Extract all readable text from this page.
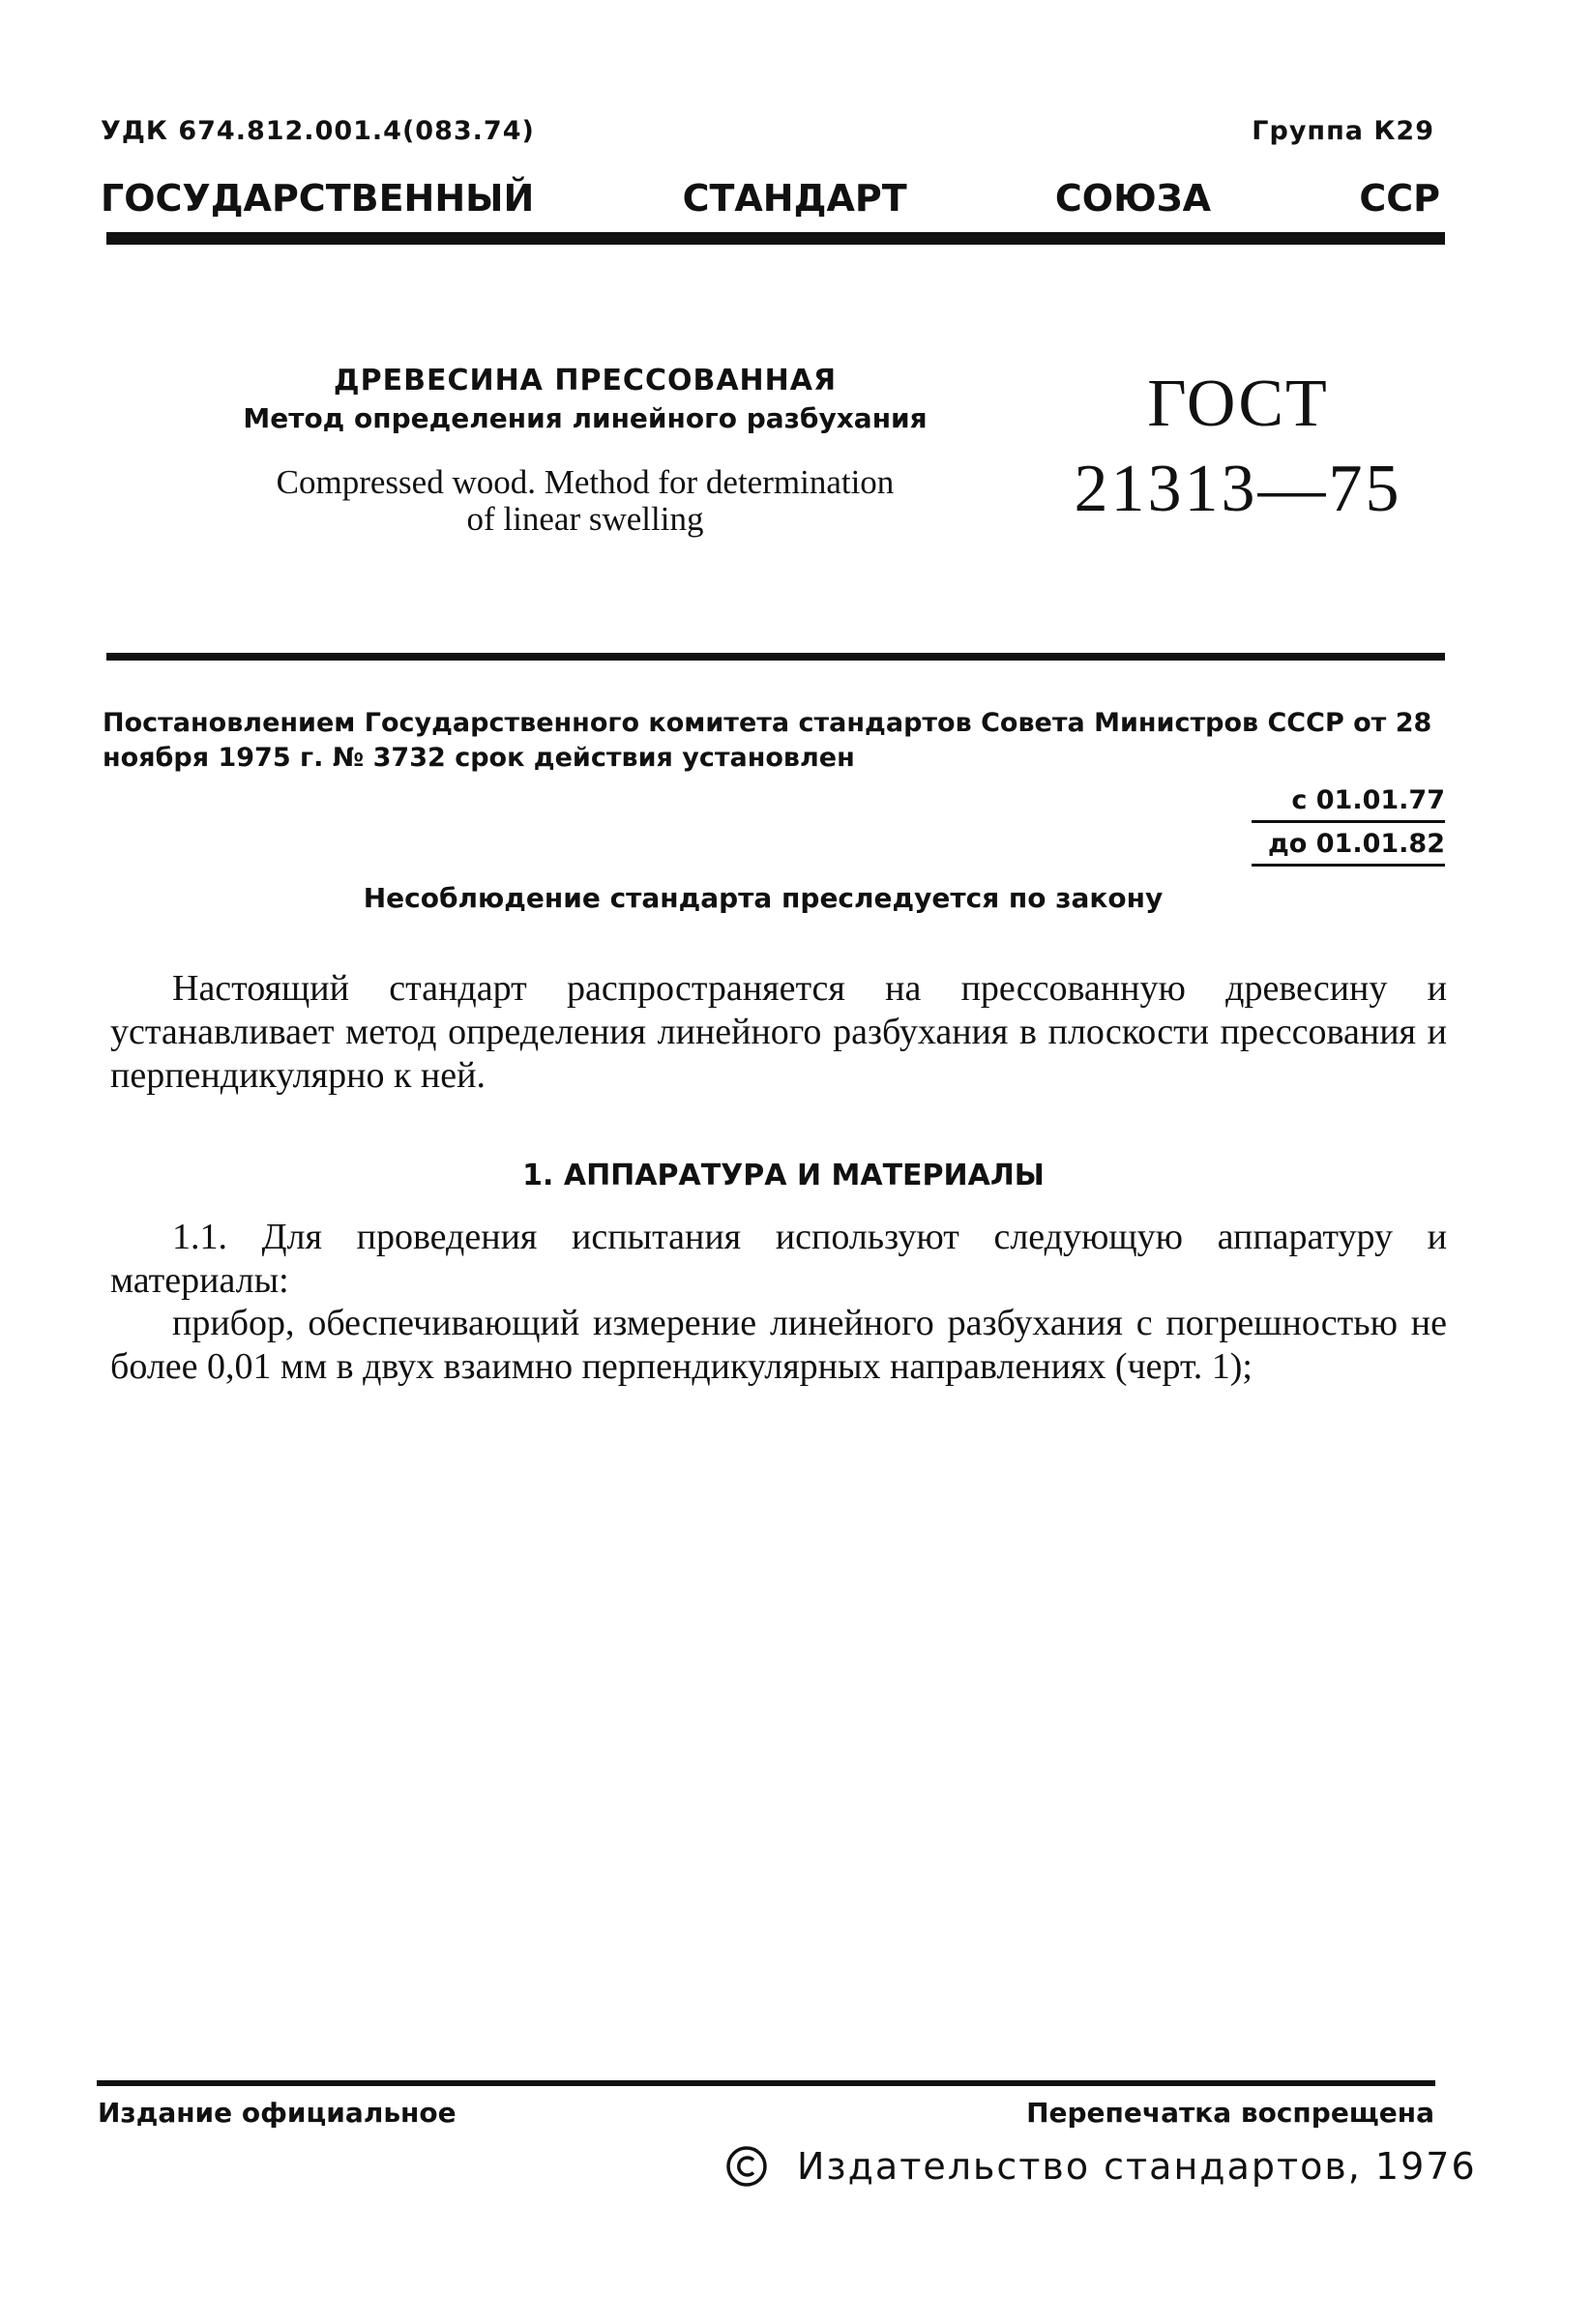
УДК 674.812.001.4(083.74)	Группа К29
ГОСУДАРСТВЕННЫЙ	СТАНДАРТ	СОЮЗА	ССР
ДРЕВЕСИНА ПРЕССОВАННАЯ
Метод определения линейного разбухания
Compressed wood. Method for determination
of linear swelling
ГОСТ
21313—75
Постановлением Государственного комитета стандартов Совета Министров СССР от 28 ноября 1975 г. № 3732 срок действия установлен
с 01.01.77
до 01.01.82
Несоблюдение стандарта преследуется по закону
Настоящий стандарт распространяется на прессованную древесину и устанавливает метод определения линейного разбухания в плоскости прессования и перпендикулярно к ней.
1. АППАРАТУРА И МАТЕРИАЛЫ
1.1. Для проведения испытания используют следующую аппаратуру и материалы:
прибор, обеспечивающий измерение линейного разбухания с погрешностью не более 0,01 мм в двух взаимно перпендикулярных направлениях (черт. 1);
Издание официальное	Перепечатка воспрещена
Издательство стандартов, 1976
